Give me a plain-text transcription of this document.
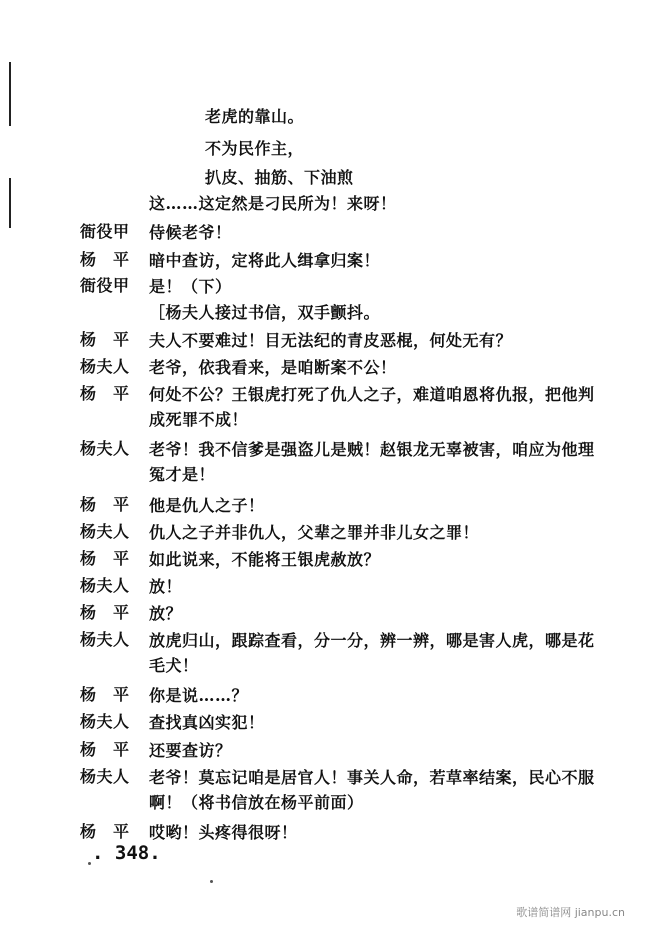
老虎的靠山。
不为民作主，
扒皮、抽筋、下油煎
这……这定然是刁民所为！来呀！
衙役甲	侍候老爷！
杨　平	暗中查访，定将此人缉拿归案！
衙役甲	是！（下）
［杨夫人接过书信，双手颤抖。
杨　平	夫人不要难过！目无法纪的青皮恶棍，何处无有？
杨夫人	老爷，依我看来，是咱断案不公！
杨　平	何处不公？王银虎打死了仇人之子，难道咱恩将仇报，把他判成死罪不成！
杨夫人	老爷！我不信爹是强盗儿是贼！赵银龙无辜被害，咱应为他理冤才是！
杨　平	他是仇人之子！
杨夫人	仇人之子并非仇人，父辈之罪并非儿女之罪！
杨　平	如此说来，不能将王银虎赦放？
杨夫人	放！
杨　平	放？
杨夫人	放虎归山，跟踪查看，分一分，辨一辨，哪是害人虎，哪是花毛犬！
杨　平	你是说……？
杨夫人	查找真凶实犯！
杨　平	还要查访？
杨夫人	老爷！莫忘记咱是居官人！事关人命，若草率结案，民心不服啊！（将书信放在杨平前面）
杨　平	哎哟！头疼得很呀！
. 348.
歌谱简谱网 jianpu.cn
